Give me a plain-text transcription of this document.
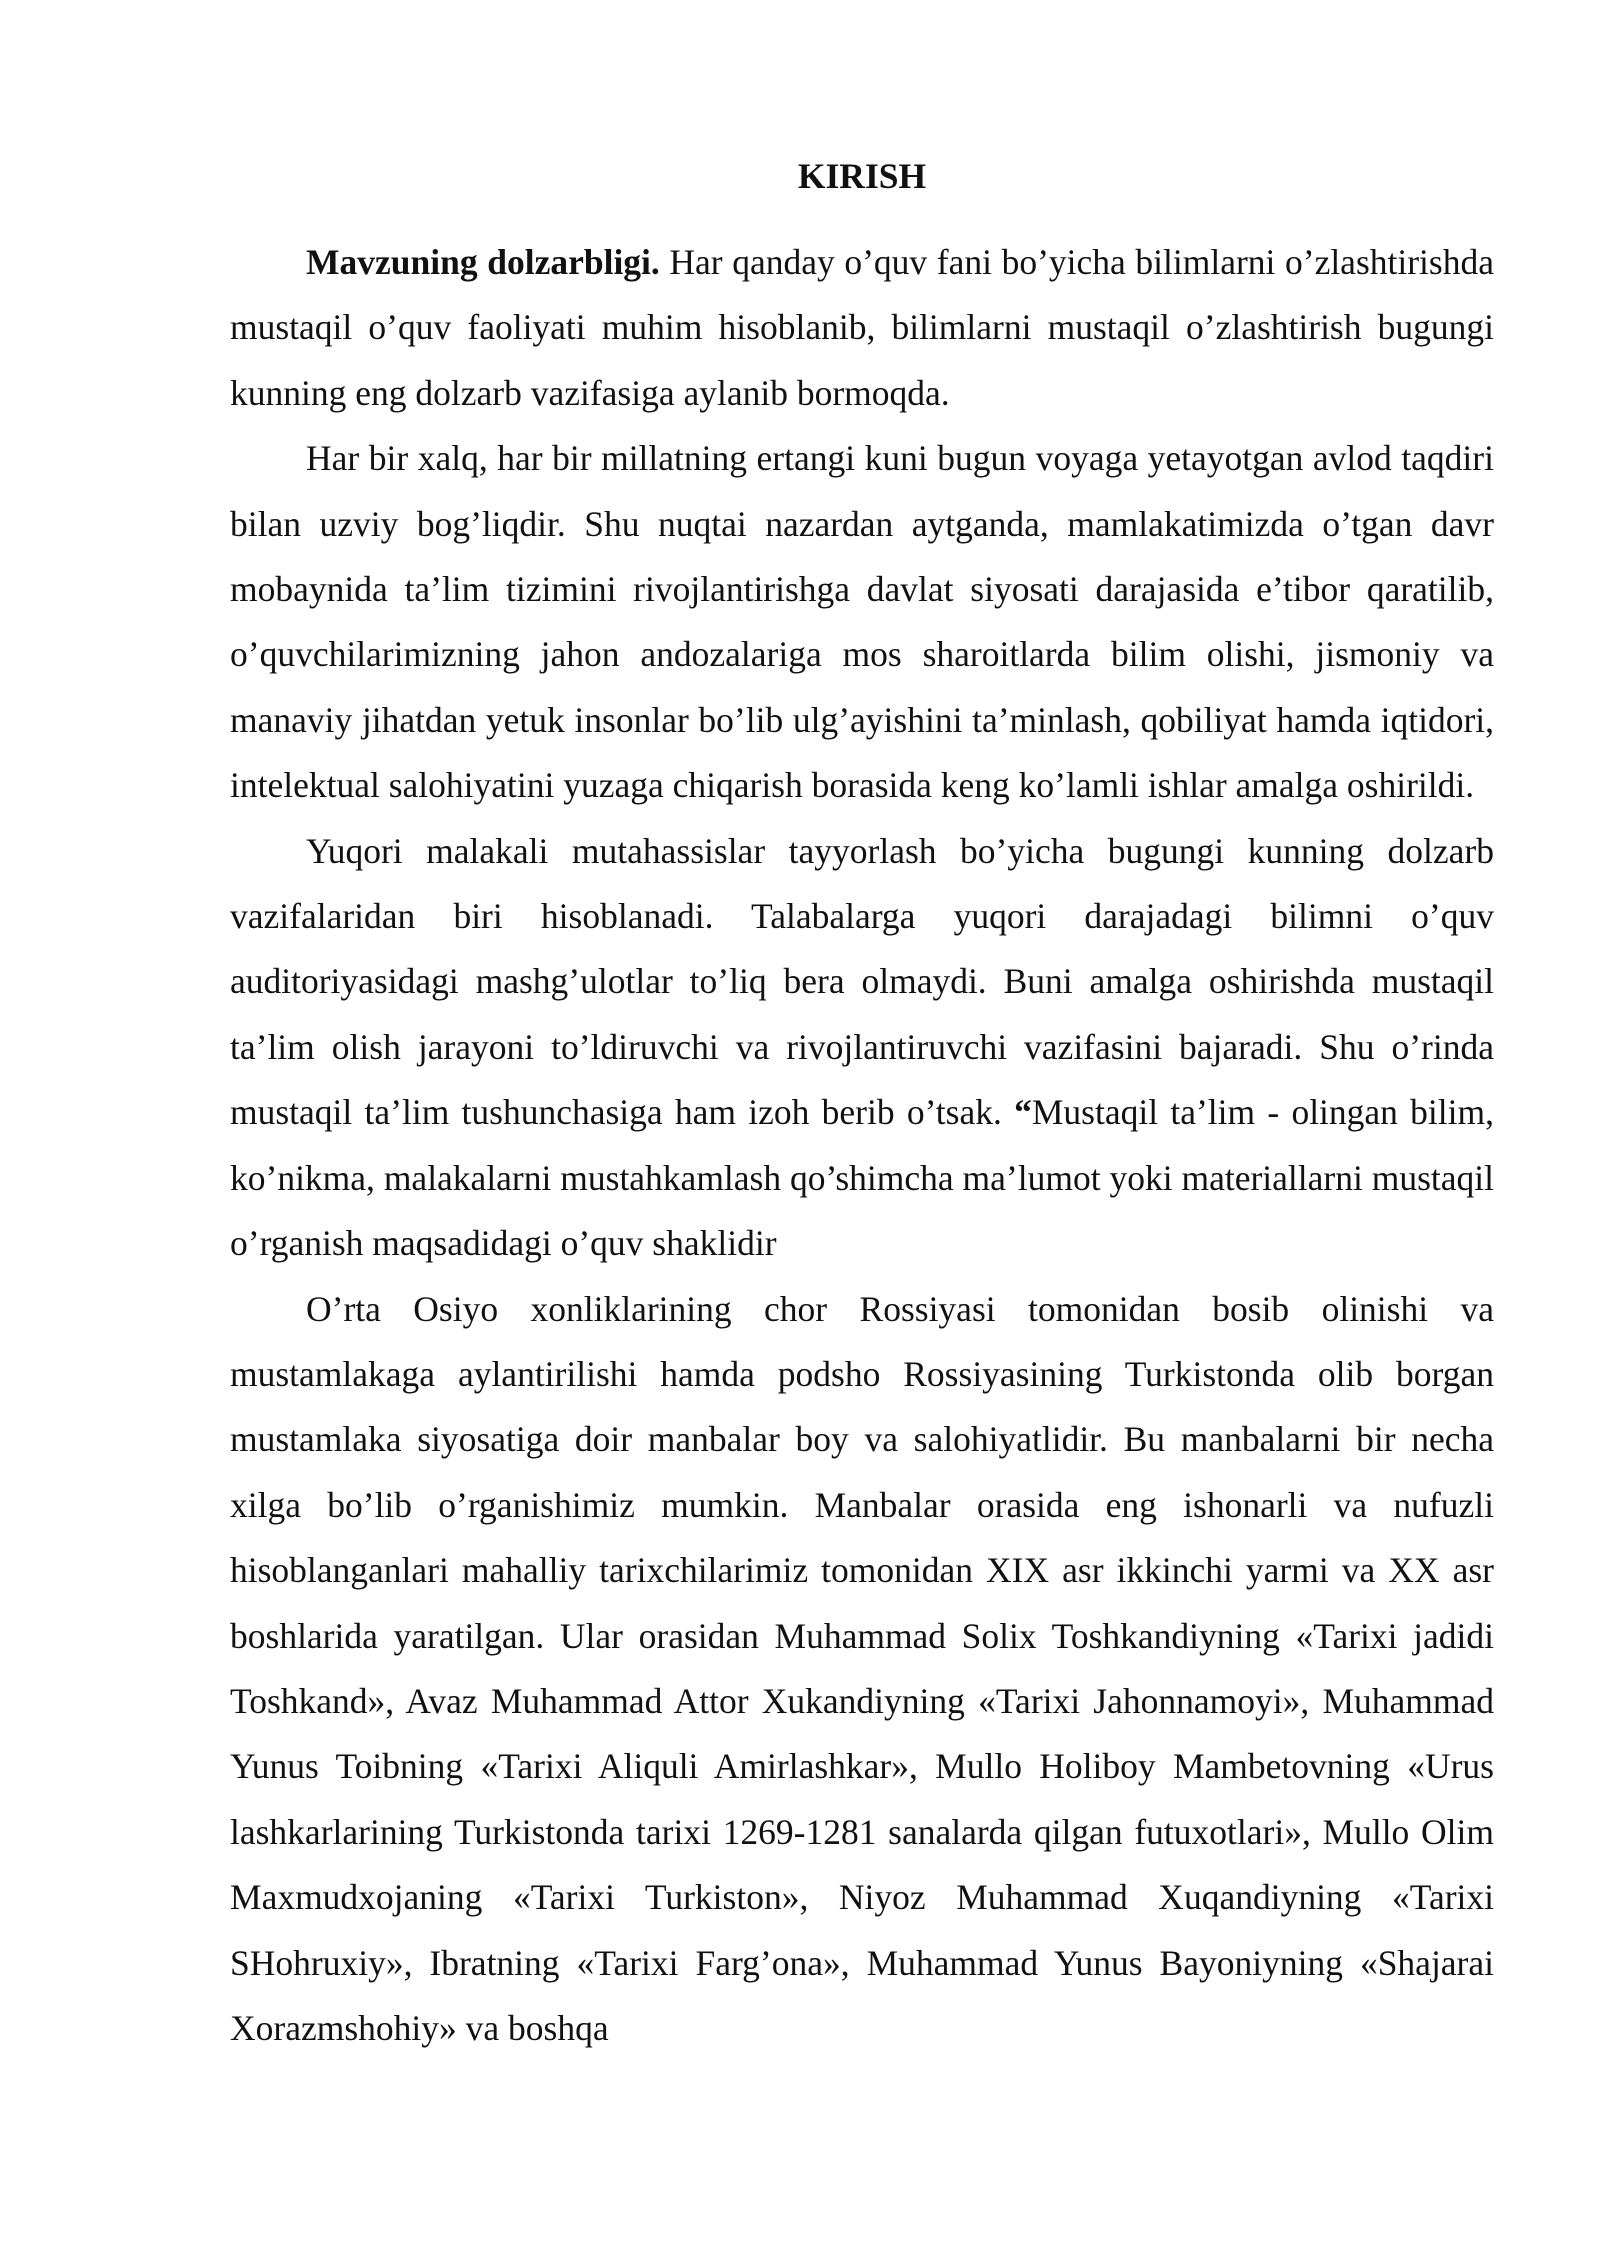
KIRISH

Mavzuning dolzarbligi. Har qanday o’quv fani bo’yicha bilimlarni o’zlashtirishda mustaqil o’quv faoliyati muhim hisoblanib, bilimlarni mustaqil o’zlashtirish bugungi kunning eng dolzarb vazifasiga aylanib bormoqda.

Har bir xalq, har bir millatning ertangi kuni bugun voyaga yetayotgan avlod taqdiri bilan uzviy bog’liqdir. Shu nuqtai nazardan aytganda, mamlakatimizda o’tgan davr mobaynida ta’lim tizimini rivojlantirishga davlat siyosati darajasida e’tibor qaratilib, o’quvchilarimizning jahon andozalariga mos sharoitlarda bilim olishi, jismoniy va manaviy jihatdan yetuk insonlar bo’lib ulg’ayishini ta’minlash, qobiliyat hamda iqtidori, intelektual salohiyatini yuzaga chiqarish borasida keng ko’lamli ishlar amalga oshirildi.

Yuqori malakali mutahassislar tayyorlash bo’yicha bugungi kunning dolzarb vazifalaridan biri hisoblanadi. Talabalarga yuqori darajadagi bilimni o’quv auditoriyasidagi mashg’ulotlar to’liq bera olmaydi. Buni amalga oshirishda mustaqil ta’lim olish jarayoni to’ldiruvchi va rivojlantiruvchi vazifasini bajaradi. Shu o’rinda mustaqil ta’lim tushunchasiga ham izoh berib o’tsak. “Mustaqil ta’lim - olingan bilim, ko’nikma, malakalarni mustahkamlash qo’shimcha ma’lumot yoki materiallarni mustaqil o’rganish maqsadidagi o’quv shaklidir

O’rta Osiyo xonliklarining chor Rossiyasi tomonidan bosib olinishi va mustamlakaga aylantirilishi hamda podsho Rossiyasining Turkistonda olib borgan mustamlaka siyosatiga doir manbalar boy va salohiyatlidir. Bu manbalarni bir necha xilga bo’lib o’rganishimiz mumkin. Manbalar orasida eng ishonarli va nufuzli hisoblanganlari mahalliy tarixchilarimiz tomonidan XIX asr ikkinchi yarmi va XX asr boshlarida yaratilgan. Ular orasidan Muhammad Solix Toshkandiyning «Tarixi jadidi Toshkand», Avaz Muhammad Attor Xukandiyning «Tarixi Jahonnamoyi», Muhammad Yunus Toibning «Tarixi Aliquli Amirlashkar», Mullo Holiboy Mambetovning «Urus lashkarlarining Turkistonda tarixi 1269-1281 sanalarda qilgan futuxotlari», Mullo Olim Maxmudxojaning «Tarixi Turkiston», Niyoz Muhammad Xuqandiyning «Tarixi SHohruxiy», Ibratning «Tarixi Farg’ona», Muhammad Yunus Bayoniyning «Shajarai Xorazmshohiy» va boshqa
